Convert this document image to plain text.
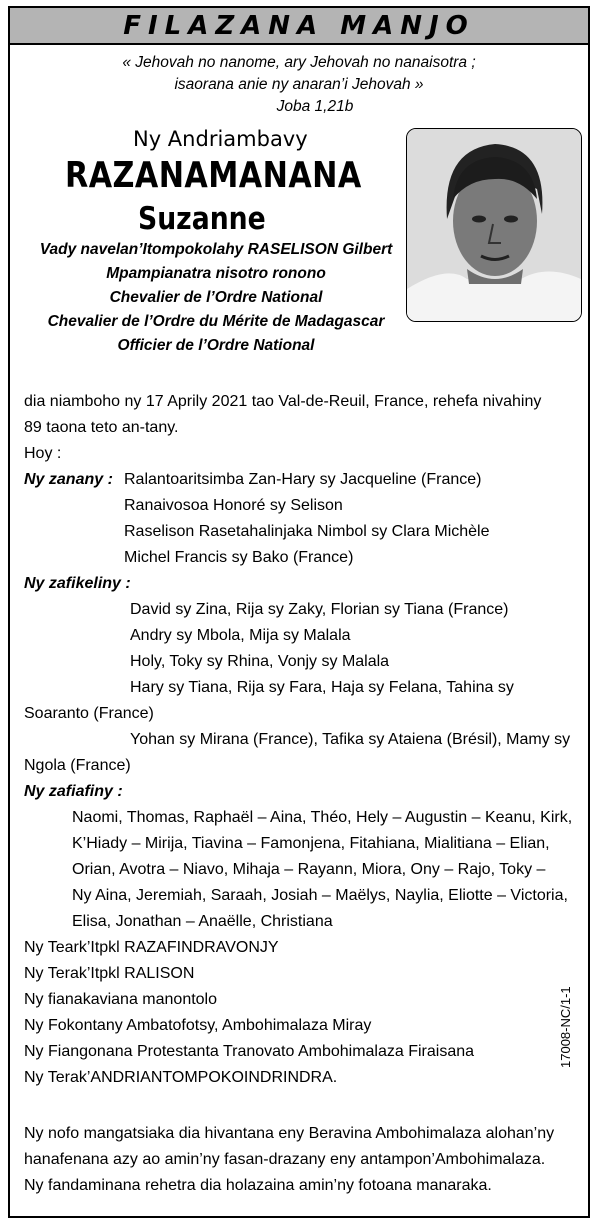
FILAZANA MANJO
« Jehovah no nanome, ary Jehovah no nanaisotra ;
isaorana anie ny anaran’i Jehovah »
Joba 1,21b
Ny Andriambavy
RAZANAMANANA
Suzanne
Vady navelan’Itompokolahy RASELISON Gilbert
Mpampianatra nisotro ronono
Chevalier de l’Ordre National
Chevalier de l’Ordre du Mérite de Madagascar
Officier de l’Ordre National
dia niamboho ny 17 Aprily 2021 tao Val-de-Reuil, France, rehefa nivahiny
89 taona teto an-tany.
Hoy :
Ny zanany : Ralantoaritsimba Zan-Hary sy Jacqueline (France)
Ranaivosoa Honoré sy Selison
Raselison Rasetahalinjaka Nimbol sy Clara Michèle
Michel Francis sy Bako (France)
Ny zafikeliny :
David sy Zina, Rija sy Zaky, Florian sy Tiana (France)
Andry sy Mbola, Mija sy Malala
Holy, Toky sy Rhina, Vonjy sy Malala
Hary sy Tiana, Rija sy Fara, Haja sy Felana, Tahina sy
Soaranto (France)
Yohan sy Mirana (France), Tafika sy Ataiena (Brésil), Mamy sy
Ngola (France)
Ny zafiafiny :
Naomi, Thomas, Raphaël – Aina, Théo, Hely – Augustin – Keanu, Kirk,
K’Hiady – Mirija, Tiavina – Famonjena, Fitahiana, Mialitiana – Elian,
Orian, Avotra – Niavo, Mihaja – Rayann, Miora, Ony – Rajo, Toky –
Ny Aina, Jeremiah, Saraah, Josiah – Maëlys, Naylia, Eliotte – Victoria,
Elisa, Jonathan – Anaëlle, Christiana
Ny Teark’Itpkl RAZAFINDRAVONJY
Ny Terak’Itpkl RALISON
Ny fianakaviana manontolo
Ny Fokontany Ambatofotsy, Ambohimalaza Miray
Ny Fiangonana Protestanta Tranovato Ambohimalaza Firaisana
Ny Terak’ANDRIANTOMPOKOINDRINDRA.
17008-NC/1-1
Ny nofo mangatsiaka dia hivantana eny Beravina Ambohimalaza alohan’ny
hanafenana azy ao amin’ny fasan-drazany eny antampon’Ambohimalaza.
Ny fandaminana rehetra dia holazaina amin’ny fotoana manaraka.
